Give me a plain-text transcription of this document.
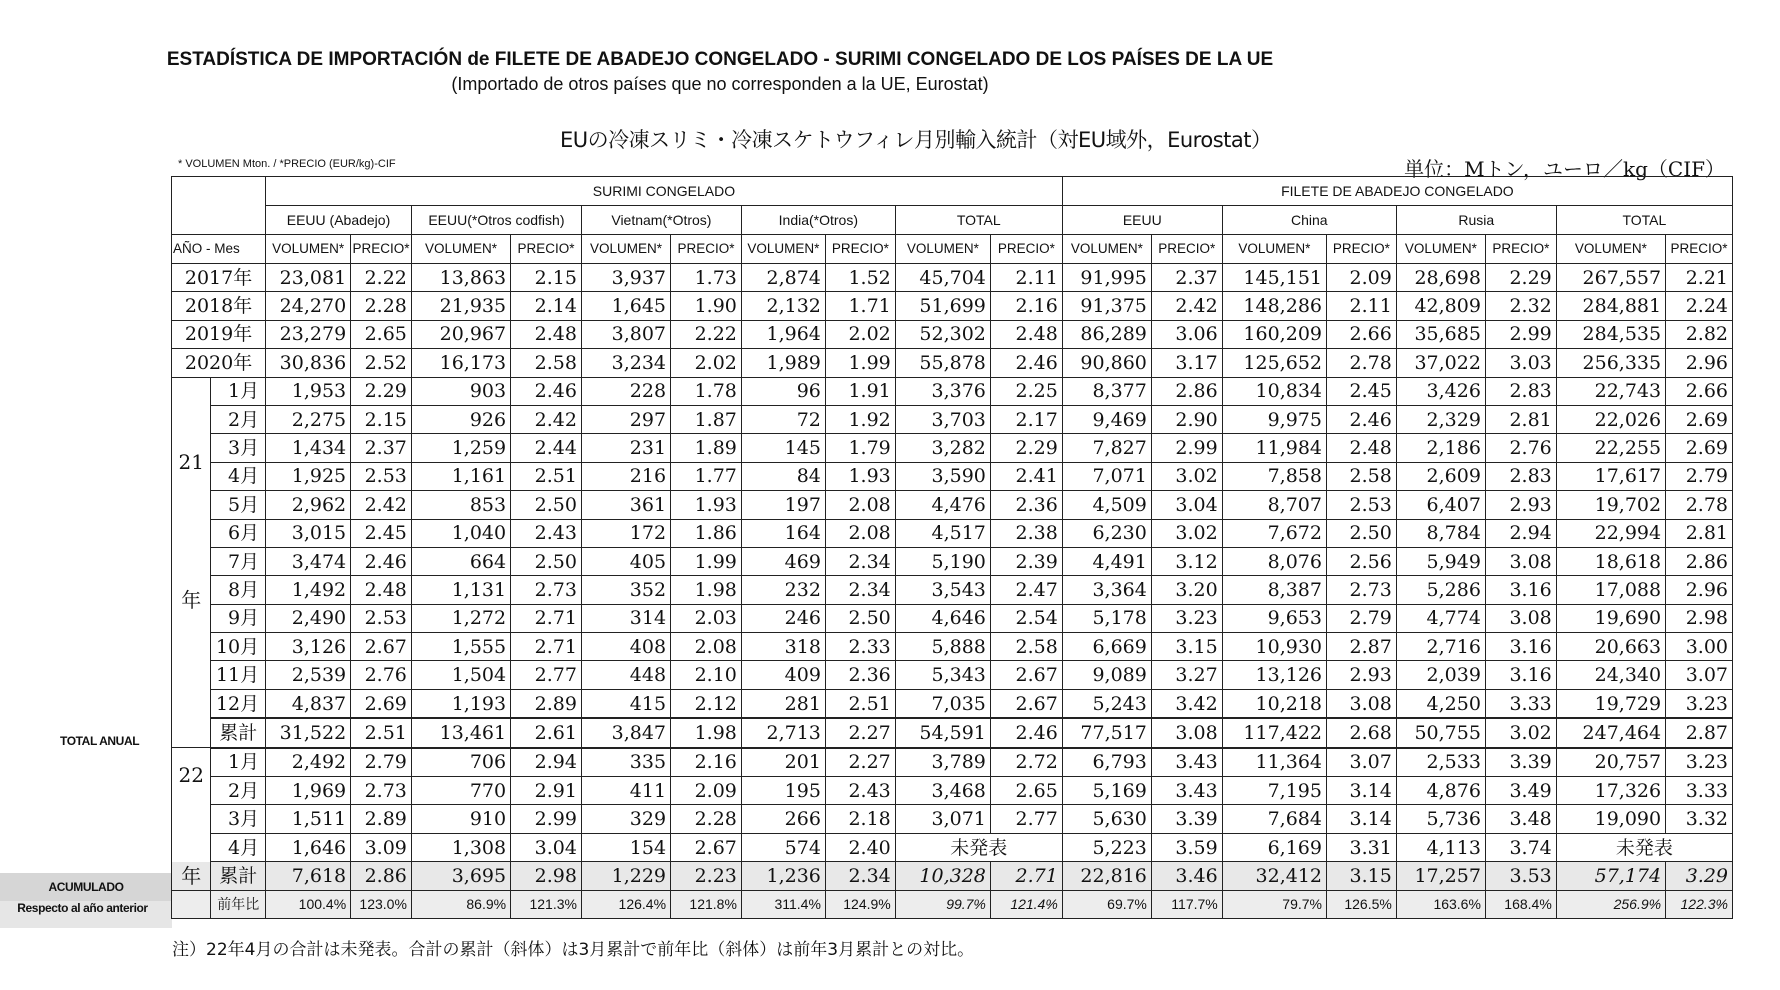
ESTADÍSTICA DE IMPORTACIÓN de FILETE DE ABADEJO CONGELADO - SURIMI CONGELADO DE LOS PAÍSES DE LA UE
(Importado de otros países que no corresponden a la UE, Eurostat)
EUの冷凍スリミ・冷凍スケトウフィレ月別輸入統計（対EU域外，Eurostat）
* VOLUMEN Mton. / *PRECIO (EUR/kg)-CIF	単位：Mトン，ユーロ／kg（CIF）
TOTAL ANUAL
ACUMULADO
Respecto al año anterior
		SURIMI CONGELADO										FILETE DE ABADEJO CONGELADO							
		EEUU (Abadejo)		EEUU(*Otros codfish)		Vietnam(*Otros)		India(*Otros)		TOTAL		EEUU		China		Rusia		TOTAL	
AÑO - Mes		VOLUMEN*	PRECIO*	VOLUMEN*	PRECIO*	VOLUMEN*	PRECIO*	VOLUMEN*	PRECIO*	VOLUMEN*	PRECIO*	VOLUMEN*	PRECIO*	VOLUMEN*	PRECIO*	VOLUMEN*	PRECIO*	VOLUMEN*	PRECIO*
2017年		23,081	2.22	13,863	2.15	3,937	1.73	2,874	1.52	45,704	2.11	91,995	2.37	145,151	2.09	28,698	2.29	267,557	2.21
2018年		24,270	2.28	21,935	2.14	1,645	1.90	2,132	1.71	51,699	2.16	91,375	2.42	148,286	2.11	42,809	2.32	284,881	2.24
2019年		23,279	2.65	20,967	2.48	3,807	2.22	1,964	2.02	52,302	2.48	86,289	3.06	160,209	2.66	35,685	2.99	284,535	2.82
2020年		30,836	2.52	16,173	2.58	3,234	2.02	1,989	1.99	55,878	2.46	90,860	3.17	125,652	2.78	37,022	3.03	256,335	2.96
21	1月	1,953	2.29	903	2.46	228	1.78	96	1.91	3,376	2.25	8,377	2.86	10,834	2.45	3,426	2.83	22,743	2.66
	2月	2,275	2.15	926	2.42	297	1.87	72	1.92	3,703	2.17	9,469	2.90	9,975	2.46	2,329	2.81	22,026	2.69
	3月	1,434	2.37	1,259	2.44	231	1.89	145	1.79	3,282	2.29	7,827	2.99	11,984	2.48	2,186	2.76	22,255	2.69
	4月	1,925	2.53	1,161	2.51	216	1.77	84	1.93	3,590	2.41	7,071	3.02	7,858	2.58	2,609	2.83	17,617	2.79
	5月	2,962	2.42	853	2.50	361	1.93	197	2.08	4,476	2.36	4,509	3.04	8,707	2.53	6,407	2.93	19,702	2.78
	6月	3,015	2.45	1,040	2.43	172	1.86	164	2.08	4,517	2.38	6,230	3.02	7,672	2.50	8,784	2.94	22,994	2.81
年	7月	3,474	2.46	664	2.50	405	1.99	469	2.34	5,190	2.39	4,491	3.12	8,076	2.56	5,949	3.08	18,618	2.86
	8月	1,492	2.48	1,131	2.73	352	1.98	232	2.34	3,543	2.47	3,364	3.20	8,387	2.73	5,286	3.16	17,088	2.96
	9月	2,490	2.53	1,272	2.71	314	2.03	246	2.50	4,646	2.54	5,178	3.23	9,653	2.79	4,774	3.08	19,690	2.98
	10月	3,126	2.67	1,555	2.71	408	2.08	318	2.33	5,888	2.58	6,669	3.15	10,930	2.87	2,716	3.16	20,663	3.00
	11月	2,539	2.76	1,504	2.77	448	2.10	409	2.36	5,343	2.67	9,089	3.27	13,126	2.93	2,039	3.16	24,340	3.07
	12月	4,837	2.69	1,193	2.89	415	2.12	281	2.51	7,035	2.67	5,243	3.42	10,218	3.08	4,250	3.33	19,729	3.23
	累計	31,522	2.51	13,461	2.61	3,847	1.98	2,713	2.27	54,591	2.46	77,517	3.08	117,422	2.68	50,755	3.02	247,464	2.87
22	1月	2,492	2.79	706	2.94	335	2.16	201	2.27	3,789	2.72	6,793	3.43	11,364	3.07	2,533	3.39	20,757	3.23
	2月	1,969	2.73	770	2.91	411	2.09	195	2.43	3,468	2.65	5,169	3.43	7,195	3.14	4,876	3.49	17,326	3.33
	3月	1,511	2.89	910	2.99	329	2.28	266	2.18	3,071	2.77	5,630	3.39	7,684	3.14	5,736	3.48	19,090	3.32
	4月	1,646	3.09	1,308	3.04	154	2.67	574	2.40	未発表		5,223	3.59	6,169	3.31	4,113	3.74	未発表	
年	累計	7,618	2.86	3,695	2.98	1,229	2.23	1,236	2.34	10,328	2.71	22,816	3.46	32,412	3.15	17,257	3.53	57,174	3.29
	前年比	100.4%	123.0%	86.9%	121.3%	126.4%	121.8%	311.4%	124.9%	99.7%	121.4%	69.7%	117.7%	79.7%	126.5%	163.6%	168.4%	256.9%	122.3%
注）22年4月の合計は未発表。合計の累計（斜体）は3月累計で前年比（斜体）は前年3月累計との対比。
